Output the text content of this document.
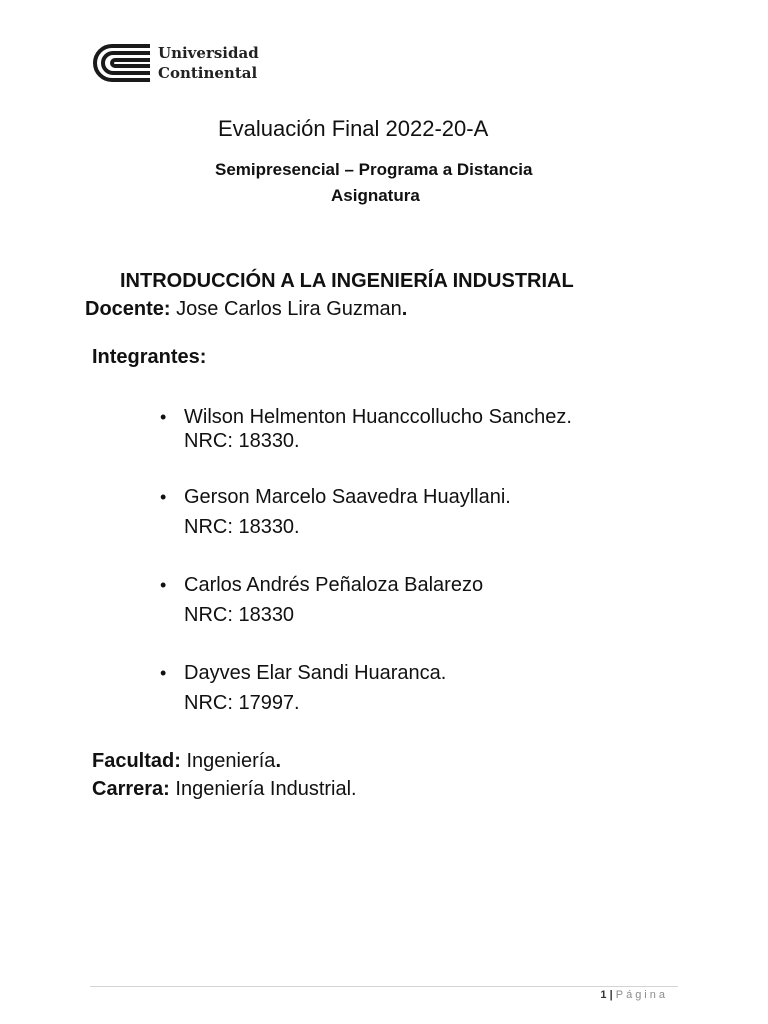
Universidad
Continental
Evaluación Final 2022-20-A
Semipresencial – Programa a Distancia
Asignatura
INTRODUCCIÓN A LA INGENIERÍA INDUSTRIAL
Docente: Jose Carlos Lira Guzman.
Integrantes:
• Wilson Helmenton Huanccollucho Sanchez.
NRC: 18330.
• Gerson Marcelo Saavedra Huayllani.
NRC: 18330.
• Carlos Andrés Peñaloza Balarezo
NRC: 18330
• Dayves Elar Sandi Huaranca.
NRC: 17997.
Facultad: Ingeniería.
Carrera: Ingeniería Industrial.
1 | Página
